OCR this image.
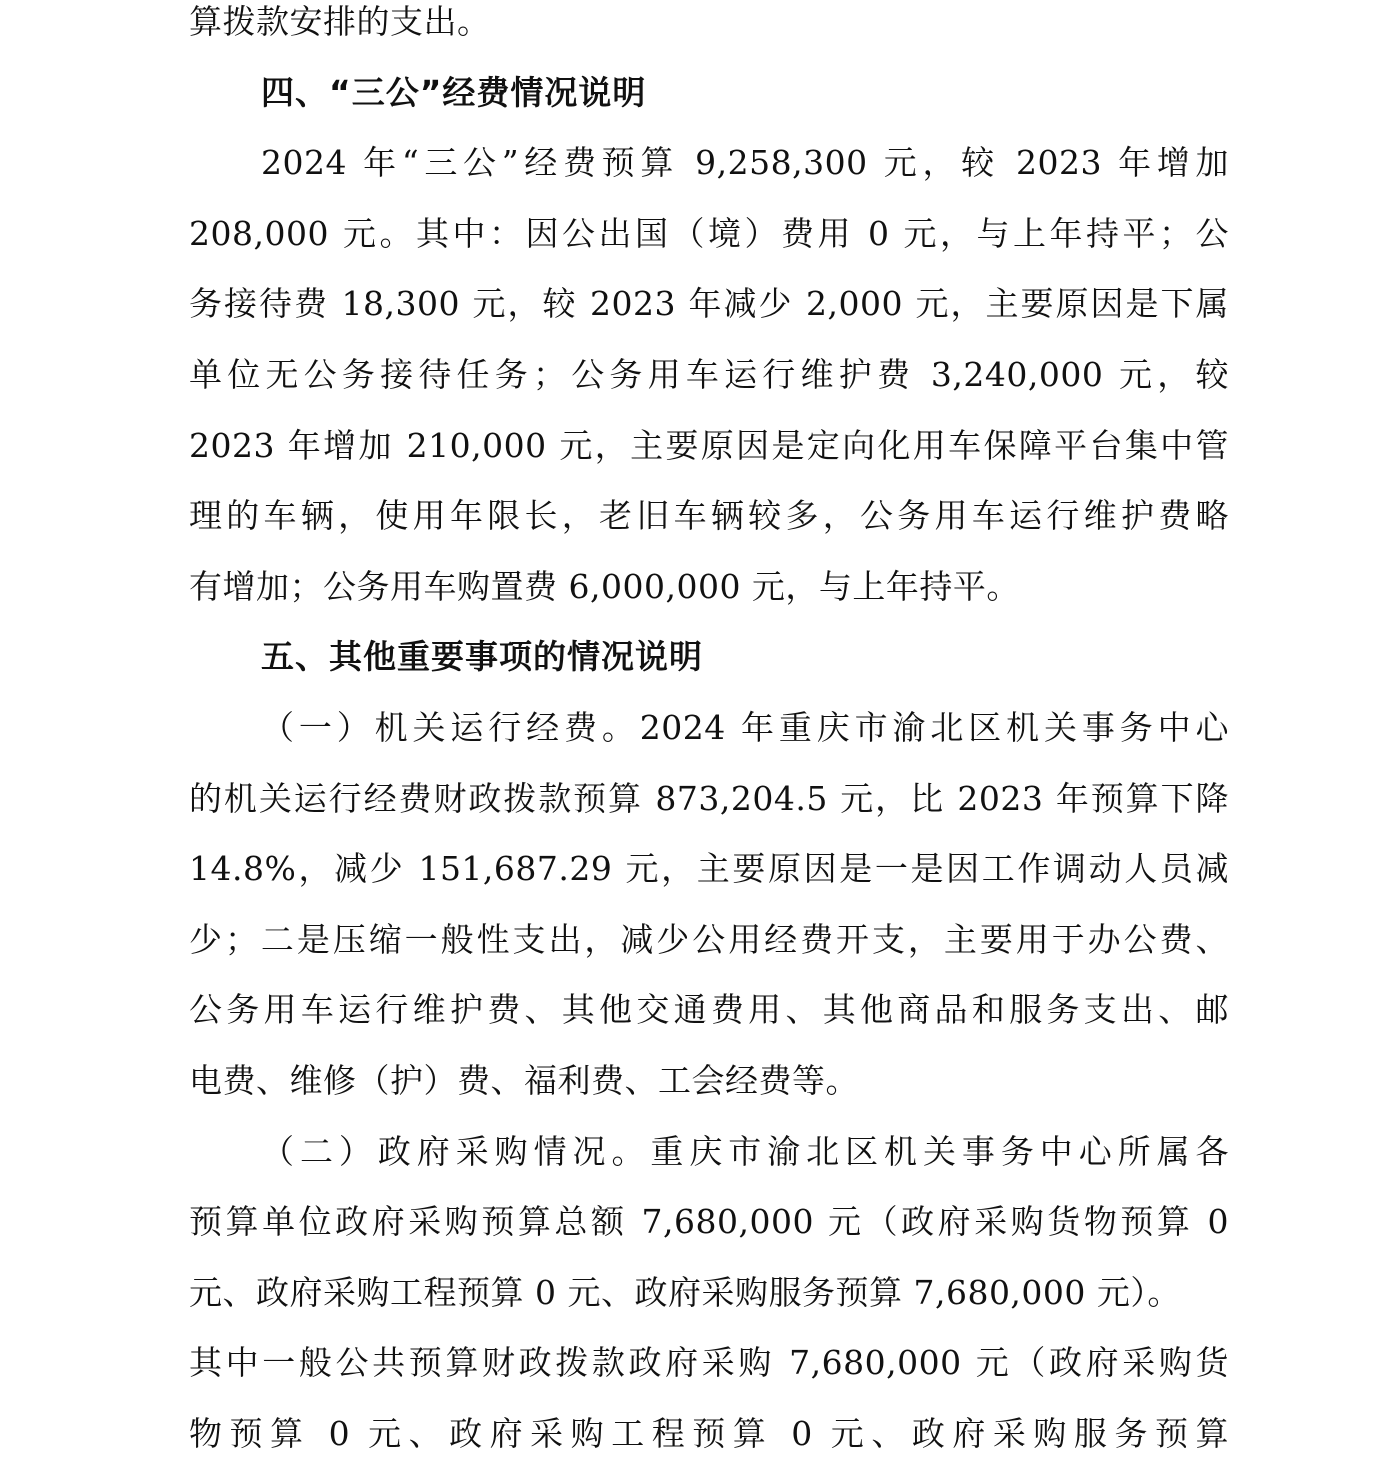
算拨款安排的支出。
四、“三公”经费情况说明
2024 年“三公”经费预算 9,258,300 元，较 2023 年增加
208,000 元。其中：因公出国（境）费用 0 元，与上年持平；公
务接待费 18,300 元，较 2023 年减少 2,000 元，主要原因是下属
单位无公务接待任务；公务用车运行维护费 3,240,000 元，较
2023 年增加 210,000 元，主要原因是定向化用车保障平台集中管
理的车辆，使用年限长，老旧车辆较多，公务用车运行维护费略
有增加；公务用车购置费 6,000,000 元，与上年持平。
五、其他重要事项的情况说明
（一）机关运行经费。2024 年重庆市渝北区机关事务中心
的机关运行经费财政拨款预算 873,204.5 元，比 2023 年预算下降
14.8%，减少 151,687.29 元，主要原因是一是因工作调动人员减
少；二是压缩一般性支出，减少公用经费开支，主要用于办公费、
公务用车运行维护费、其他交通费用、其他商品和服务支出、邮
电费、维修（护）费、福利费、工会经费等。
（二）政府采购情况。重庆市渝北区机关事务中心所属各
预算单位政府采购预算总额 7,680,000 元（政府采购货物预算 0
元、政府采购工程预算 0 元、政府采购服务预算 7,680,000 元）。
其中一般公共预算财政拨款政府采购 7,680,000 元（政府采购货
物预算 0 元、政府采购工程预算 0 元、政府采购服务预算
